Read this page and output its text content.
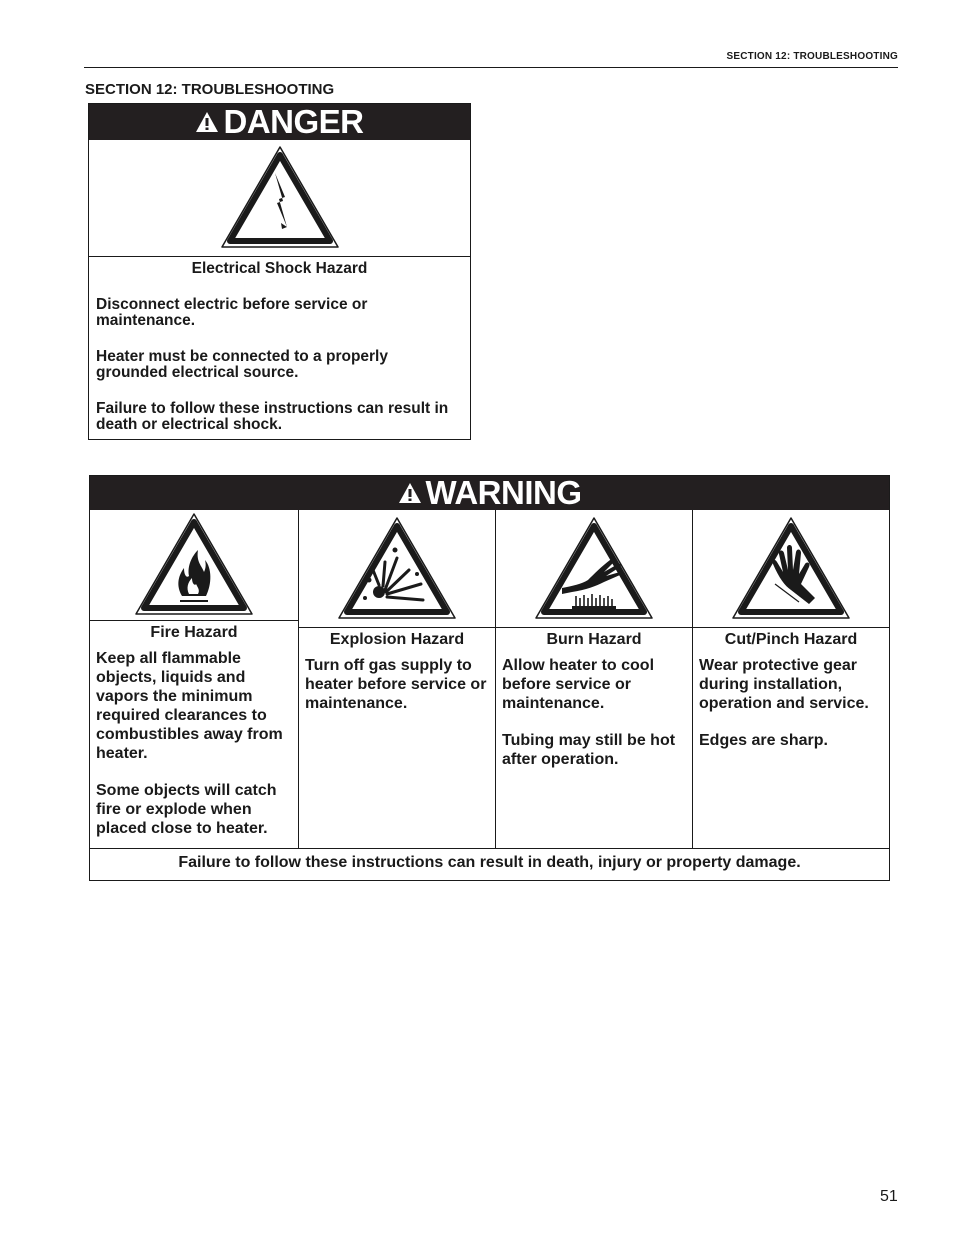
SECTION 12: TROUBLESHOOTING
SECTION 12: TROUBLESHOOTING
DANGER
Electrical Shock Hazard

Disconnect electric before service or maintenance.

Heater must be connected to a properly grounded electrical source.

Failure to follow these instructions can result in death or electrical shock.

WARNING
Fire Hazard

Keep all flammable objects, liquids and vapors the minimum required clearances to combustibles away from heater.

Some objects will catch fire or explode when placed close to heater.

Explosion Hazard

Turn off gas supply to heater before service or maintenance.

Burn Hazard

Allow heater to cool before service or maintenance.

Tubing may still be hot after operation.

Cut/Pinch Hazard

Wear protective gear during installation, operation and service.

Edges are sharp.

Failure to follow these instructions can result in death, injury or property damage.
51
